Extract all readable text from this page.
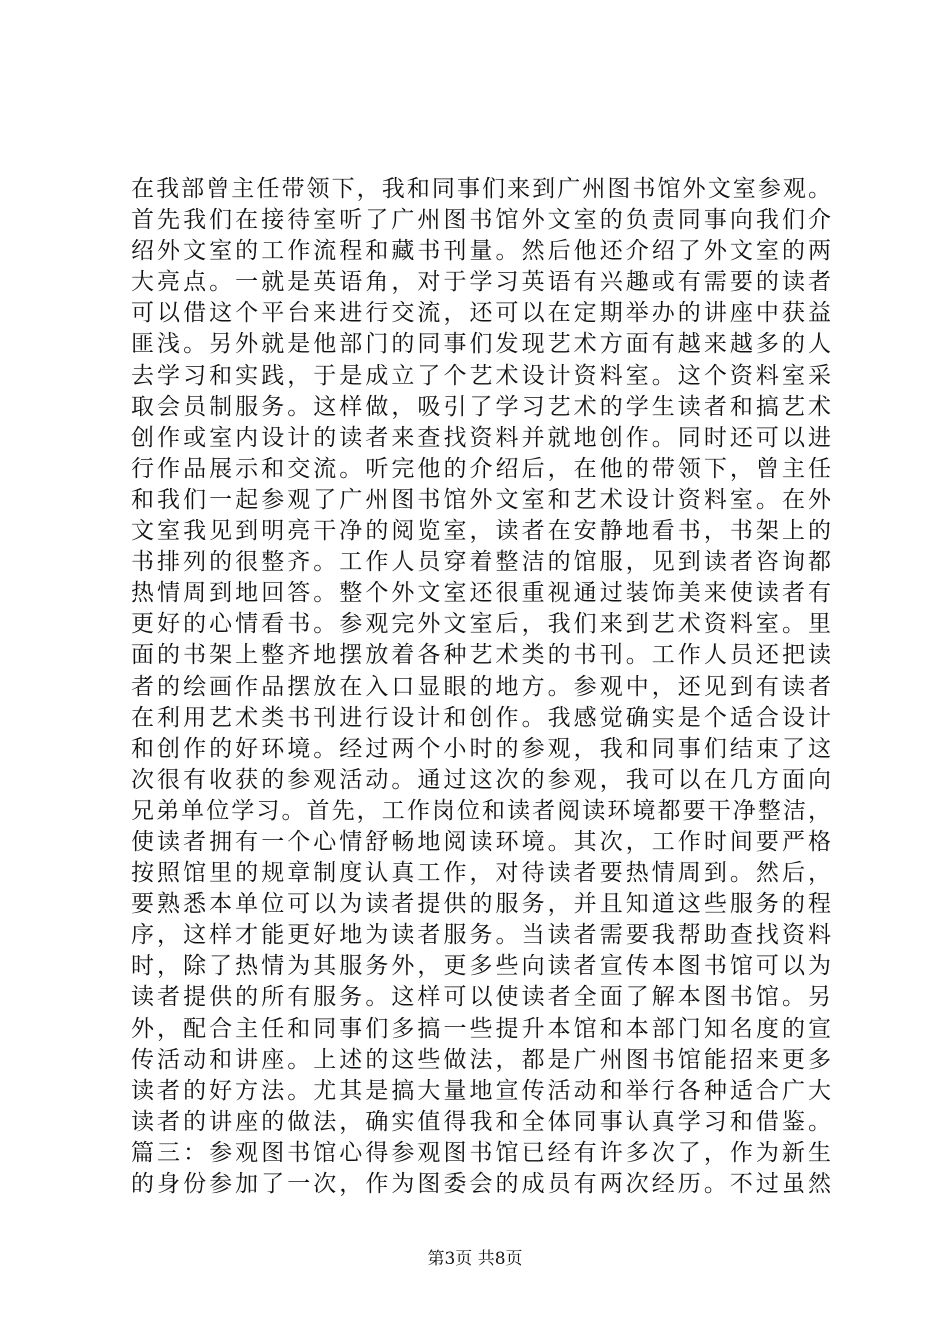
在我部曾主任带领下，我和同事们来到广州图书馆外文室参观。
首先我们在接待室听了广州图书馆外文室的负责同事向我们介
绍外文室的工作流程和藏书刊量。然后他还介绍了外文室的两
大亮点。一就是英语角，对于学习英语有兴趣或有需要的读者
可以借这个平台来进行交流，还可以在定期举办的讲座中获益
匪浅。另外就是他部门的同事们发现艺术方面有越来越多的人
去学习和实践，于是成立了个艺术设计资料室。这个资料室采
取会员制服务。这样做，吸引了学习艺术的学生读者和搞艺术
创作或室内设计的读者来查找资料并就地创作。同时还可以进
行作品展示和交流。听完他的介绍后，在他的带领下，曾主任
和我们一起参观了广州图书馆外文室和艺术设计资料室。在外
文室我见到明亮干净的阅览室，读者在安静地看书，书架上的
书排列的很整齐。工作人员穿着整洁的馆服，见到读者咨询都
热情周到地回答。整个外文室还很重视通过装饰美来使读者有
更好的心情看书。参观完外文室后，我们来到艺术资料室。里
面的书架上整齐地摆放着各种艺术类的书刊。工作人员还把读
者的绘画作品摆放在入口显眼的地方。参观中，还见到有读者
在利用艺术类书刊进行设计和创作。我感觉确实是个适合设计
和创作的好环境。经过两个小时的参观，我和同事们结束了这
次很有收获的参观活动。通过这次的参观，我可以在几方面向
兄弟单位学习。首先，工作岗位和读者阅读环境都要干净整洁，
使读者拥有一个心情舒畅地阅读环境。其次，工作时间要严格
按照馆里的规章制度认真工作，对待读者要热情周到。然后，
要熟悉本单位可以为读者提供的服务，并且知道这些服务的程
序，这样才能更好地为读者服务。当读者需要我帮助查找资料
时，除了热情为其服务外，更多些向读者宣传本图书馆可以为
读者提供的所有服务。这样可以使读者全面了解本图书馆。另
外，配合主任和同事们多搞一些提升本馆和本部门知名度的宣
传活动和讲座。上述的这些做法，都是广州图书馆能招来更多
读者的好方法。尤其是搞大量地宣传活动和举行各种适合广大
读者的讲座的做法，确实值得我和全体同事认真学习和借鉴。
篇三：参观图书馆心得参观图书馆已经有许多次了，作为新生
的身份参加了一次，作为图委会的成员有两次经历。不过虽然
第3页 共8页
